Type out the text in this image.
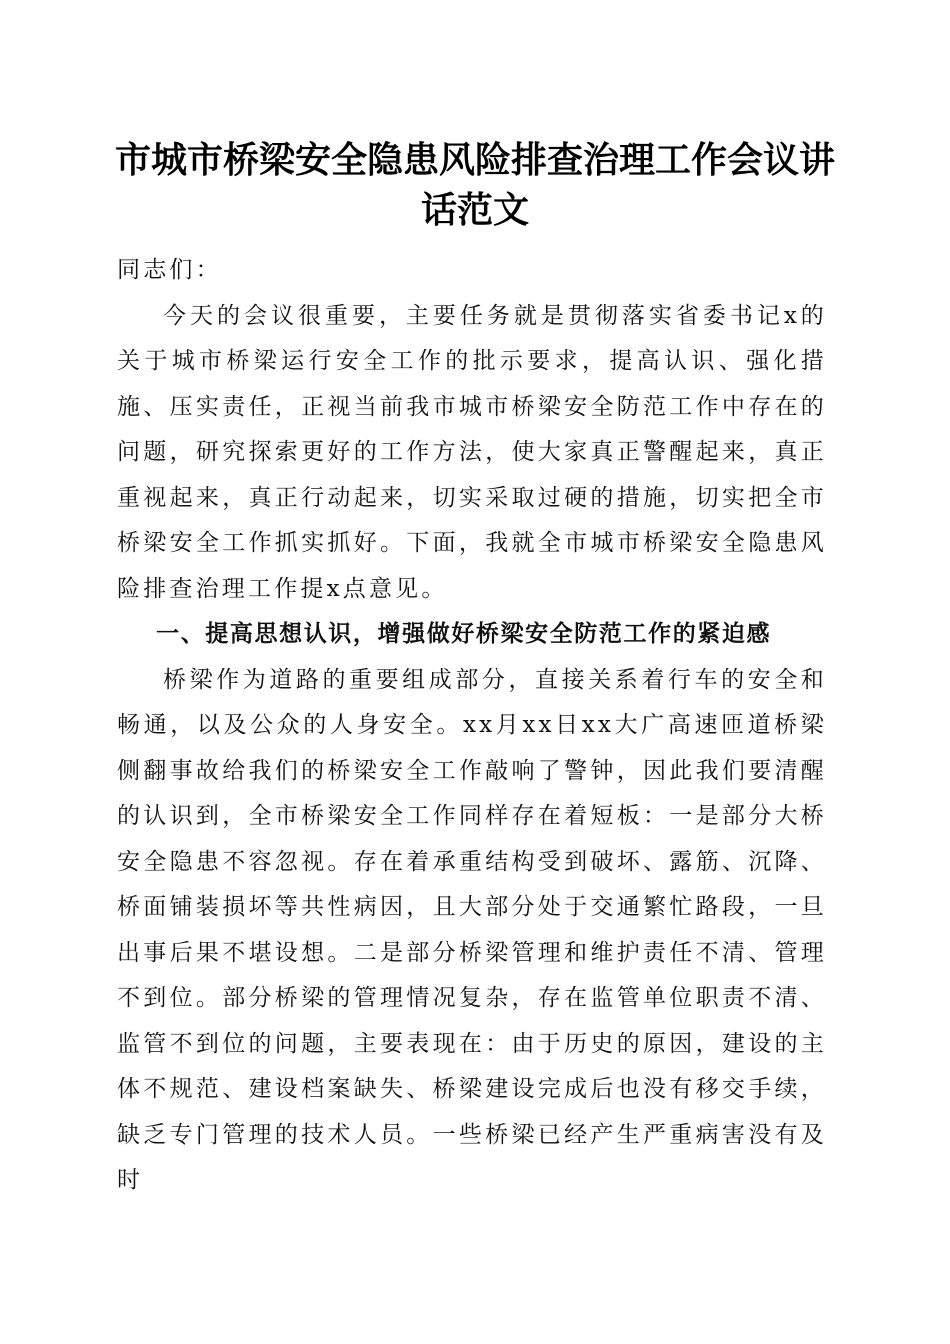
市城市桥梁安全隐患风险排查治理工作会议讲话范文

同志们：

今天的会议很重要，主要任务就是贯彻落实省委书记x的关于城市桥梁运行安全工作的批示要求，提高认识、强化措施、压实责任，正视当前我市城市桥梁安全防范工作中存在的问题，研究探索更好的工作方法，使大家真正警醒起来，真正重视起来，真正行动起来，切实采取过硬的措施，切实把全市桥梁安全工作抓实抓好。下面，我就全市城市桥梁安全隐患风险排查治理工作提x点意见。

一、提高思想认识，增强做好桥梁安全防范工作的紧迫感

桥梁作为道路的重要组成部分，直接关系着行车的安全和畅通，以及公众的人身安全。xx月xx日xx大广高速匝道桥梁侧翻事故给我们的桥梁安全工作敲响了警钟，因此我们要清醒的认识到，全市桥梁安全工作同样存在着短板：一是部分大桥安全隐患不容忽视。存在着承重结构受到破坏、露筋、沉降、桥面铺装损坏等共性病因，且大部分处于交通繁忙路段，一旦出事后果不堪设想。二是部分桥梁管理和维护责任不清、管理不到位。部分桥梁的管理情况复杂，存在监管单位职责不清、监管不到位的问题，主要表现在：由于历史的原因，建设的主体不规范、建设档案缺失、桥梁建设完成后也没有移交手续，缺乏专门管理的技术人员。一些桥梁已经产生严重病害没有及时
